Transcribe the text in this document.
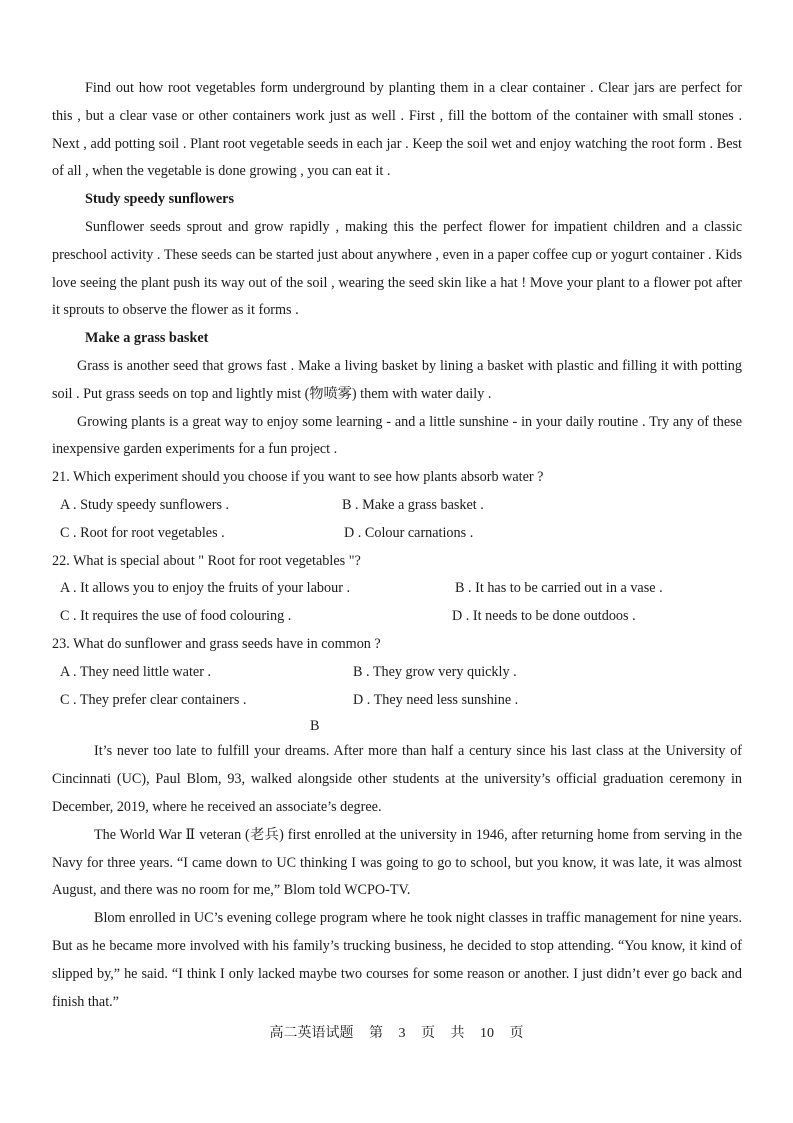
Find out how root vegetables form underground by planting them in a clear container . Clear jars are perfect for this , but a clear vase or other containers work just as well . First , fill the bottom of the container with small stones . Next , add potting soil . Plant root vegetable seeds in each jar . Keep the soil wet and enjoy watching the root form . Best of all , when the vegetable is done growing , you can eat it .

Study speedy sunflowers

Sunflower seeds sprout and grow rapidly , making this the perfect flower for impatient children and a classic preschool activity . These seeds can be started just about anywhere , even in a paper coffee cup or yogurt container . Kids love seeing the plant push its way out of the soil , wearing the seed skin like a hat ! Move your plant to a flower pot after it sprouts to observe the flower as it forms .

Make a grass basket

Grass is another seed that grows fast . Make a living basket by lining a basket with plastic and filling it with potting soil . Put grass seeds on top and lightly mist (物喷雾) them with water daily .

Growing plants is a great way to enjoy some learning - and a little sunshine - in your daily routine . Try any of these inexpensive garden experiments for a fun project .

21. Which experiment should you choose if you want to see how plants absorb water ?

A . Study speedy sunflowers .	B . Make a grass basket .
C . Root for root vegetables .	D . Colour carnations .

22. What is special about " Root for root vegetables "?

A . It allows you to enjoy the fruits of your labour .	B . It has to be carried out in a vase .
C . It requires the use of food colouring .	D . It needs to be done outdoos .

23. What do sunflower and grass seeds have in common ?

A . They need little water .	B . They grow very quickly .
C . They prefer clear containers .	D . They need less sunshine .
B

It’s never too late to fulfill your dreams. After more than half a century since his last class at the University of Cincinnati (UC), Paul Blom, 93, walked alongside other students at the university’s official graduation ceremony in December, 2019, where he received an associate’s degree.

The World War Ⅱ veteran (老兵) first enrolled at the university in 1946, after returning home from serving in the Navy for three years. “I came down to UC thinking I was going to go to school, but you know, it was late, it was almost August, and there was no room for me,” Blom told WCPO-TV.

Blom enrolled in UC’s evening college program where he took night classes in traffic management for nine years. But as he became more involved with his family’s trucking business, he decided to stop attending. “You know, it kind of slipped by,” he said. “I think I only lacked maybe two courses for some reason or another. I just didn’t ever go back and finish that.”

高二英语试题 第 3 页 共 10 页
